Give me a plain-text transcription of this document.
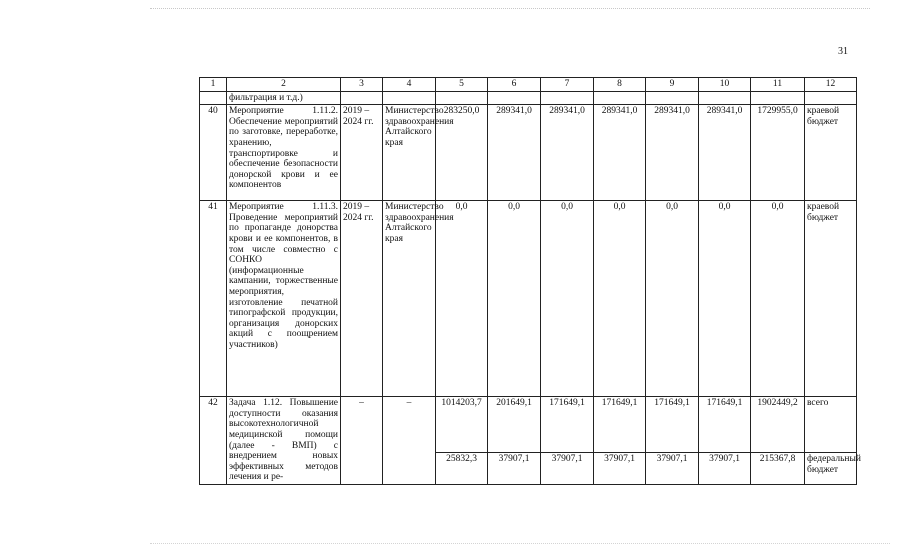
31
1	2	3	4	5	6	7	8	9	10	11	12
	фильтрация и т.д.)										
40	Мероприятие 1.11.2. Обеспечение мероприятий по заготовке, переработке, хранению, транспортировке и обеспечение безопасности донорской крови и ее компонентов	2019 – 2024 гг.	Министерство здравоохранения Алтайского края	283250,0	289341,0	289341,0	289341,0	289341,0	289341,0	1729955,0	краевой бюджет
41	Мероприятие 1.11.3. Проведение мероприятий по пропаганде донорства крови и ее компонентов, в том числе совместно с СОНКО (информационные кампании, торжественные мероприятия, изготовление печатной типографской продукции, организация донорских акций с поощрением участников)	2019 – 2024 гг.	Министерство здравоохранения Алтайского края	0,0	0,0	0,0	0,0	0,0	0,0	0,0	краевой бюджет
42	Задача 1.12. Повышение доступности оказания высокотехнологичной медицинской помощи (далее - ВМП) с внедрением новых эффективных методов лечения и ре-	–	–	1014203,7	201649,1	171649,1	171649,1	171649,1	171649,1	1902449,2	всего
				25832,3	37907,1	37907,1	37907,1	37907,1	37907,1	215367,8	федеральный бюджет
